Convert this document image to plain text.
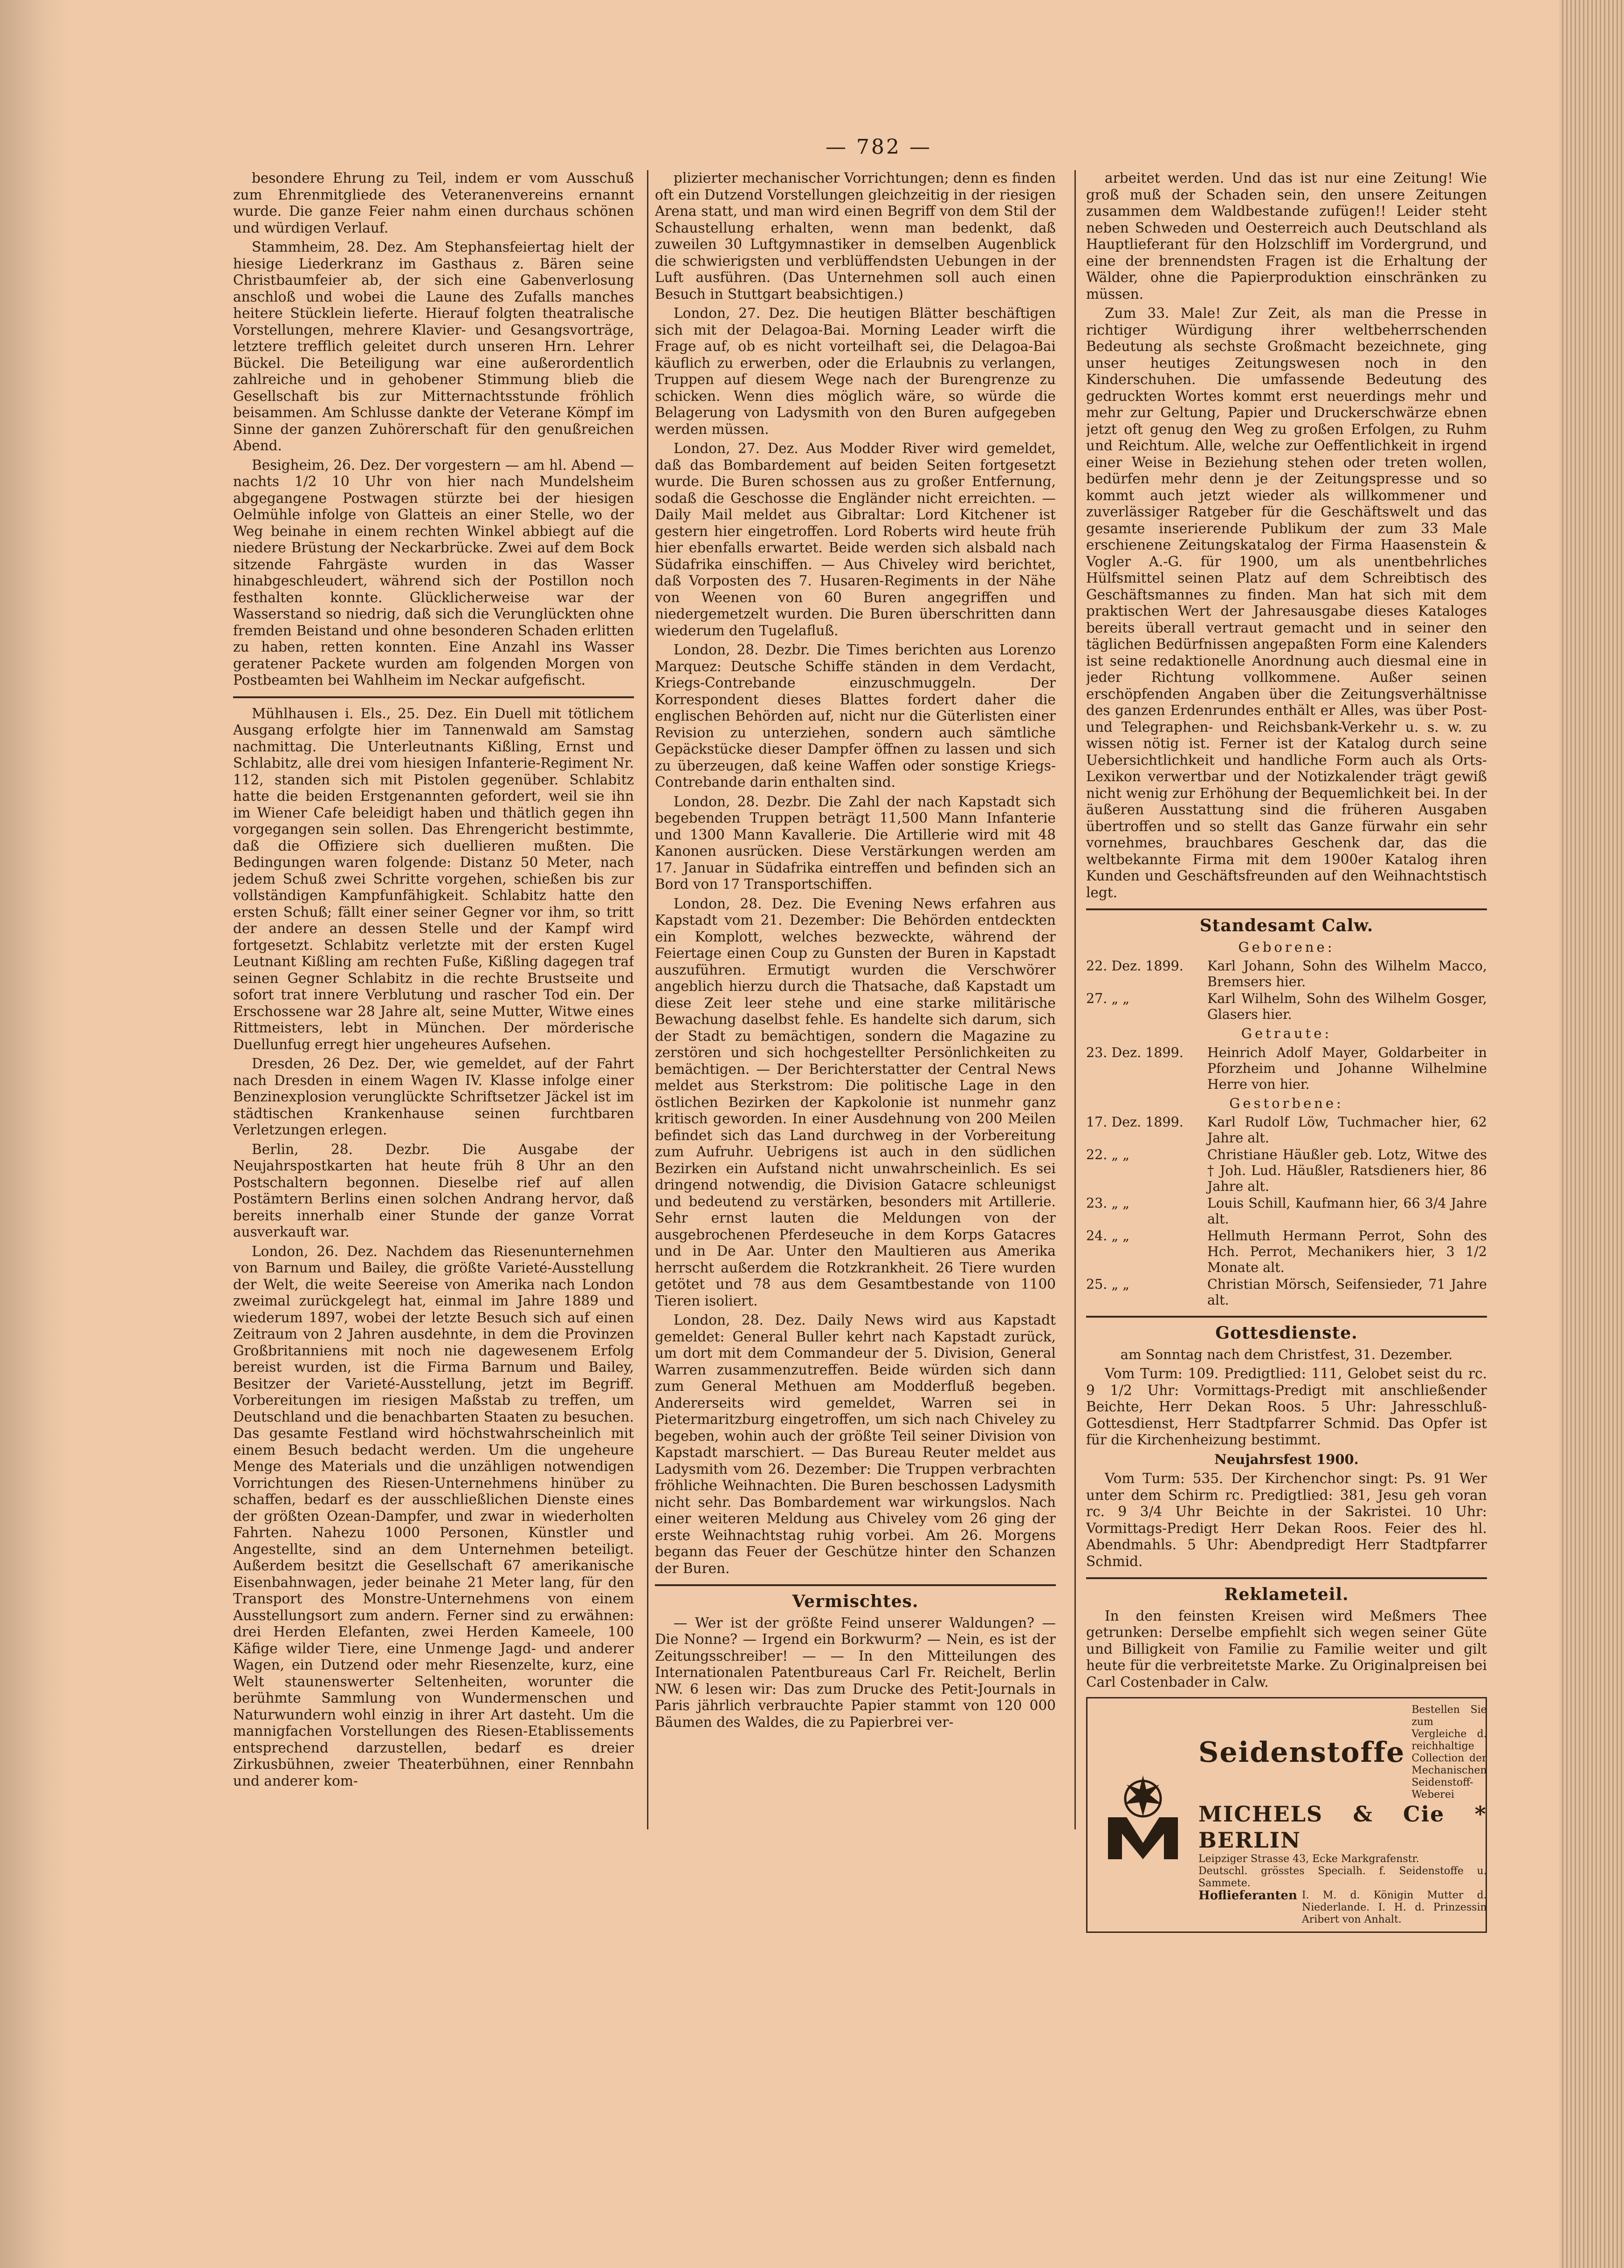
— 782 —

besondere Ehrung zu Teil, indem er vom Ausschuß zum Ehrenmitgliede des Veteranenvereins ernannt wurde. Die ganze Feier nahm einen durchaus schönen und würdigen Verlauf.

Stammheim, 28. Dez. Am Stephansfeiertag hielt der hiesige Liederkranz im Gasthaus z. Bären seine Christbaumfeier ab, der sich eine Gabenverlosung anschloß und wobei die Laune des Zufalls manches heitere Stücklein lieferte. Hierauf folgten theatralische Vorstellungen, mehrere Klavier- und Gesangsvorträge, letztere trefflich geleitet durch unseren Hrn. Lehrer Bückel. Die Beteiligung war eine außerordentlich zahlreiche und in gehobener Stimmung blieb die Gesellschaft bis zur Mitternachtsstunde fröhlich beisammen. Am Schlusse dankte der Veterane Kömpf im Sinne der ganzen Zuhörerschaft für den genußreichen Abend.

Besigheim, 26. Dez. Der vorgestern — am hl. Abend — nachts 1/2 10 Uhr von hier nach Mundelsheim abgegangene Postwagen stürzte bei der hiesigen Oelmühle infolge von Glatteis an einer Stelle, wo der Weg beinahe in einem rechten Winkel abbiegt auf die niedere Brüstung der Neckarbrücke. Zwei auf dem Bock sitzende Fahrgäste wurden in das Wasser hinabgeschleudert, während sich der Postillon noch festhalten konnte. Glücklicherweise war der Wasserstand so niedrig, daß sich die Verunglückten ohne fremden Beistand und ohne besonderen Schaden erlitten zu haben, retten konnten. Eine Anzahl ins Wasser geratener Packete wurden am folgenden Morgen von Postbeamten bei Wahlheim im Neckar aufgefischt.

Mühlhausen i. Els., 25. Dez. Ein Duell mit tötlichem Ausgang erfolgte hier im Tannenwald am Samstag nachmittag. Die Unterleutnants Kißling, Ernst und Schlabitz, alle drei vom hiesigen Infanterie-Regiment Nr. 112, standen sich mit Pistolen gegenüber. Schlabitz hatte die beiden Erstgenannten gefordert, weil sie ihn im Wiener Cafe beleidigt haben und thätlich gegen ihn vorgegangen sein sollen. Das Ehrengericht bestimmte, daß die Offiziere sich duellieren mußten. Die Bedingungen waren folgende: Distanz 50 Meter, nach jedem Schuß zwei Schritte vorgehen, schießen bis zur vollständigen Kampfunfähigkeit. Schlabitz hatte den ersten Schuß; fällt einer seiner Gegner vor ihm, so tritt der andere an dessen Stelle und der Kampf wird fortgesetzt. Schlabitz verletzte mit der ersten Kugel Leutnant Kißling am rechten Fuße, Kißling dagegen traf seinen Gegner Schlabitz in die rechte Brustseite und sofort trat innere Verblutung und rascher Tod ein. Der Erschossene war 28 Jahre alt, seine Mutter, Witwe eines Rittmeisters, lebt in München. Der mörderische Duellunfug erregt hier ungeheures Aufsehen.

Dresden, 26 Dez. Der, wie gemeldet, auf der Fahrt nach Dresden in einem Wagen IV. Klasse infolge einer Benzinexplosion verunglückte Schriftsetzer Jäckel ist im städtischen Krankenhause seinen furchtbaren Verletzungen erlegen.

Berlin, 28. Dezbr. Die Ausgabe der Neujahrspostkarten hat heute früh 8 Uhr an den Postschaltern begonnen. Dieselbe rief auf allen Postämtern Berlins einen solchen Andrang hervor, daß bereits innerhalb einer Stunde der ganze Vorrat ausverkauft war.

London, 26. Dez. Nachdem das Riesenunternehmen von Barnum und Bailey, die größte Varieté-Ausstellung der Welt, die weite Seereise von Amerika nach London zweimal zurückgelegt hat, einmal im Jahre 1889 und wiederum 1897, wobei der letzte Besuch sich auf einen Zeitraum von 2 Jahren ausdehnte, in dem die Provinzen Großbritanniens mit noch nie dagewesenem Erfolg bereist wurden, ist die Firma Barnum und Bailey, Besitzer der Varieté-Ausstellung, jetzt im Begriff. Vorbereitungen im riesigen Maßstab zu treffen, um Deutschland und die benachbarten Staaten zu besuchen. Das gesamte Festland wird höchstwahrscheinlich mit einem Besuch bedacht werden. Um die ungeheure Menge des Materials und die unzähligen notwendigen Vorrichtungen des Riesen-Unternehmens hinüber zu schaffen, bedarf es der ausschließlichen Dienste eines der größten Ozean-Dampfer, und zwar in wiederholten Fahrten. Nahezu 1000 Personen, Künstler und Angestellte, sind an dem Unternehmen beteiligt. Außerdem besitzt die Gesellschaft 67 amerikanische Eisenbahnwagen, jeder beinahe 21 Meter lang, für den Transport des Monstre-Unternehmens von einem Ausstellungsort zum andern. Ferner sind zu erwähnen: drei Herden Elefanten, zwei Herden Kameele, 100 Käfige wilder Tiere, eine Unmenge Jagd- und anderer Wagen, ein Dutzend oder mehr Riesenzelte, kurz, eine Welt staunenswerter Seltenheiten, worunter die berühmte Sammlung von Wundermenschen und Naturwundern wohl einzig in ihrer Art dasteht. Um die mannigfachen Vorstellungen des Riesen-Etablissements entsprechend darzustellen, bedarf es dreier Zirkusbühnen, zweier Theaterbühnen, einer Rennbahn und anderer kom-

plizierter mechanischer Vorrichtungen; denn es finden oft ein Dutzend Vorstellungen gleichzeitig in der riesigen Arena statt, und man wird einen Begriff von dem Stil der Schaustellung erhalten, wenn man bedenkt, daß zuweilen 30 Luftgymnastiker in demselben Augenblick die schwierigsten und verblüffendsten Uebungen in der Luft ausführen. (Das Unternehmen soll auch einen Besuch in Stuttgart beabsichtigen.)

London, 27. Dez. Die heutigen Blätter beschäftigen sich mit der Delagoa-Bai. Morning Leader wirft die Frage auf, ob es nicht vorteilhaft sei, die Delagoa-Bai käuflich zu erwerben, oder die Erlaubnis zu verlangen, Truppen auf diesem Wege nach der Burengrenze zu schicken. Wenn dies möglich wäre, so würde die Belagerung von Ladysmith von den Buren aufgegeben werden müssen.

London, 27. Dez. Aus Modder River wird gemeldet, daß das Bombardement auf beiden Seiten fortgesetzt wurde. Die Buren schossen aus zu großer Entfernung, sodaß die Geschosse die Engländer nicht erreichten. — Daily Mail meldet aus Gibraltar: Lord Kitchener ist gestern hier eingetroffen. Lord Roberts wird heute früh hier ebenfalls erwartet. Beide werden sich alsbald nach Südafrika einschiffen. — Aus Chiveley wird berichtet, daß Vorposten des 7. Husaren-Regiments in der Nähe von Weenen von 60 Buren angegriffen und niedergemetzelt wurden. Die Buren überschritten dann wiederum den Tugelafluß.

London, 28. Dezbr. Die Times berichten aus Lorenzo Marquez: Deutsche Schiffe ständen in dem Verdacht, Kriegs-Contrebande einzuschmuggeln. Der Korrespondent dieses Blattes fordert daher die englischen Behörden auf, nicht nur die Güterlisten einer Revision zu unterziehen, sondern auch sämtliche Gepäckstücke dieser Dampfer öffnen zu lassen und sich zu überzeugen, daß keine Waffen oder sonstige Kriegs-Contrebande darin enthalten sind.

London, 28. Dezbr. Die Zahl der nach Kapstadt sich begebenden Truppen beträgt 11,500 Mann Infanterie und 1300 Mann Kavallerie. Die Artillerie wird mit 48 Kanonen ausrücken. Diese Verstärkungen werden am 17. Januar in Südafrika eintreffen und befinden sich an Bord von 17 Transportschiffen.

London, 28. Dez. Die Evening News erfahren aus Kapstadt vom 21. Dezember: Die Behörden entdeckten ein Komplott, welches bezweckte, während der Feiertage einen Coup zu Gunsten der Buren in Kapstadt auszuführen. Ermutigt wurden die Verschwörer angeblich hierzu durch die Thatsache, daß Kapstadt um diese Zeit leer stehe und eine starke militärische Bewachung daselbst fehle. Es handelte sich darum, sich der Stadt zu bemächtigen, sondern die Magazine zu zerstören und sich hochgestellter Persönlichkeiten zu bemächtigen. — Der Berichterstatter der Central News meldet aus Sterkstrom: Die politische Lage in den östlichen Bezirken der Kapkolonie ist nunmehr ganz kritisch geworden. In einer Ausdehnung von 200 Meilen befindet sich das Land durchweg in der Vorbereitung zum Aufruhr. Uebrigens ist auch in den südlichen Bezirken ein Aufstand nicht unwahrscheinlich. Es sei dringend notwendig, die Division Gatacre schleunigst und bedeutend zu verstärken, besonders mit Artillerie. Sehr ernst lauten die Meldungen von der ausgebrochenen Pferdeseuche in dem Korps Gatacres und in De Aar. Unter den Maultieren aus Amerika herrscht außerdem die Rotzkrankheit. 26 Tiere wurden getötet und 78 aus dem Gesamtbestande von 1100 Tieren isoliert.

London, 28. Dez. Daily News wird aus Kapstadt gemeldet: General Buller kehrt nach Kapstadt zurück, um dort mit dem Commandeur der 5. Division, General Warren zusammenzutreffen. Beide würden sich dann zum General Methuen am Modderfluß begeben. Andererseits wird gemeldet, Warren sei in Pietermaritzburg eingetroffen, um sich nach Chiveley zu begeben, wohin auch der größte Teil seiner Division von Kapstadt marschiert. — Das Bureau Reuter meldet aus Ladysmith vom 26. Dezember: Die Truppen verbrachten fröhliche Weihnachten. Die Buren beschossen Ladysmith nicht sehr. Das Bombardement war wirkungslos. Nach einer weiteren Meldung aus Chiveley vom 26 ging der erste Weihnachtstag ruhig vorbei. Am 26. Morgens begann das Feuer der Geschütze hinter den Schanzen der Buren.

Vermischtes.

— Wer ist der größte Feind unserer Waldungen? — Die Nonne? — Irgend ein Borkwurm? — Nein, es ist der Zeitungsschreiber! — — In den Mitteilungen des Internationalen Patentbureaus Carl Fr. Reichelt, Berlin NW. 6 lesen wir: Das zum Drucke des Petit-Journals in Paris jährlich verbrauchte Papier stammt von 120 000 Bäumen des Waldes, die zu Papierbrei ver-

arbeitet werden. Und das ist nur eine Zeitung! Wie groß muß der Schaden sein, den unsere Zeitungen zusammen dem Waldbestande zufügen!! Leider steht neben Schweden und Oesterreich auch Deutschland als Hauptlieferant für den Holzschliff im Vordergrund, und eine der brennendsten Fragen ist die Erhaltung der Wälder, ohne die Papierproduktion einschränken zu müssen.

Zum 33. Male! Zur Zeit, als man die Presse in richtiger Würdigung ihrer weltbeherrschenden Bedeutung als sechste Großmacht bezeichnete, ging unser heutiges Zeitungswesen noch in den Kinderschuhen. Die umfassende Bedeutung des gedruckten Wortes kommt erst neuerdings mehr und mehr zur Geltung, Papier und Druckerschwärze ebnen jetzt oft genug den Weg zu großen Erfolgen, zu Ruhm und Reichtum. Alle, welche zur Oeffentlichkeit in irgend einer Weise in Beziehung stehen oder treten wollen, bedürfen mehr denn je der Zeitungspresse und so kommt auch jetzt wieder als willkommener und zuverlässiger Ratgeber für die Geschäftswelt und das gesamte inserierende Publikum der zum 33 Male erschienene Zeitungskatalog der Firma Haasenstein & Vogler A.-G. für 1900, um als unentbehrliches Hülfsmittel seinen Platz auf dem Schreibtisch des Geschäftsmannes zu finden. Man hat sich mit dem praktischen Wert der Jahresausgabe dieses Kataloges bereits überall vertraut gemacht und in seiner den täglichen Bedürfnissen angepaßten Form eine Kalenders ist seine redaktionelle Anordnung auch diesmal eine in jeder Richtung vollkommene. Außer seinen erschöpfenden Angaben über die Zeitungsverhältnisse des ganzen Erdenrundes enthält er Alles, was über Post- und Telegraphen- und Reichsbank-Verkehr u. s. w. zu wissen nötig ist. Ferner ist der Katalog durch seine Uebersichtlichkeit und handliche Form auch als Orts-Lexikon verwertbar und der Notizkalender trägt gewiß nicht wenig zur Erhöhung der Bequemlichkeit bei. In der äußeren Ausstattung sind die früheren Ausgaben übertroffen und so stellt das Ganze fürwahr ein sehr vornehmes, brauchbares Geschenk dar, das die weltbekannte Firma mit dem 1900er Katalog ihren Kunden und Geschäftsfreunden auf den Weihnachtstisch legt.

Standesamt Calw.
Geborene:
22. Dez. 1899.	Karl Johann, Sohn des Wilhelm Macco, Bremsers hier.
27. „ „	Karl Wilhelm, Sohn des Wilhelm Gosger, Glasers hier.
Getraute:
23. Dez. 1899.	Heinrich Adolf Mayer, Goldarbeiter in Pforzheim und Johanne Wilhelmine Herre von hier.
Gestorbene:
17. Dez. 1899.	Karl Rudolf Löw, Tuchmacher hier, 62 Jahre alt.
22. „ „	Christiane Häußler geb. Lotz, Witwe des † Joh. Lud. Häußler, Ratsdieners hier, 86 Jahre alt.
23. „ „	Louis Schill, Kaufmann hier, 66 3/4 Jahre alt.
24. „ „	Hellmuth Hermann Perrot, Sohn des Hch. Perrot, Mechanikers hier, 3 1/2 Monate alt.
25. „ „	Christian Mörsch, Seifensieder, 71 Jahre alt.
Gottesdienste.
am Sonntag nach dem Christfest, 31. Dezember.

Vom Turm: 109. Predigtlied: 111, Gelobet seist du rc. 9 1/2 Uhr: Vormittags-Predigt mit anschließender Beichte, Herr Dekan Roos. 5 Uhr: Jahresschluß-Gottesdienst, Herr Stadtpfarrer Schmid. Das Opfer ist für die Kirchenheizung bestimmt.

Neujahrsfest 1900.

Vom Turm: 535. Der Kirchenchor singt: Ps. 91 Wer unter dem Schirm rc. Predigtlied: 381, Jesu geh voran rc. 9 3/4 Uhr Beichte in der Sakristei. 10 Uhr: Vormittags-Predigt Herr Dekan Roos. Feier des hl. Abendmahls. 5 Uhr: Abendpredigt Herr Stadtpfarrer Schmid.

Reklameteil.

In den feinsten Kreisen wird Meßmers Thee getrunken: Derselbe empfiehlt sich wegen seiner Güte und Billigkeit von Familie zu Familie weiter und gilt heute für die verbreitetste Marke. Zu Originalpreisen bei Carl Costenbader in Calw.

Seidenstoffe
Bestellen Sie zum Vergleiche d. reichhaltige Collection der Mechanischen Seidenstoff-Weberei
MICHELS & Cie * BERLIN
Leipziger Strasse 43, Ecke Markgrafenstr.
Deutschl. grösstes Specialh. f. Seidenstoffe u. Sammete.
Hoflieferanten I. M. d. Königin Mutter d. Niederlande. I. H. d. Prinzessin Aribert von Anhalt.
